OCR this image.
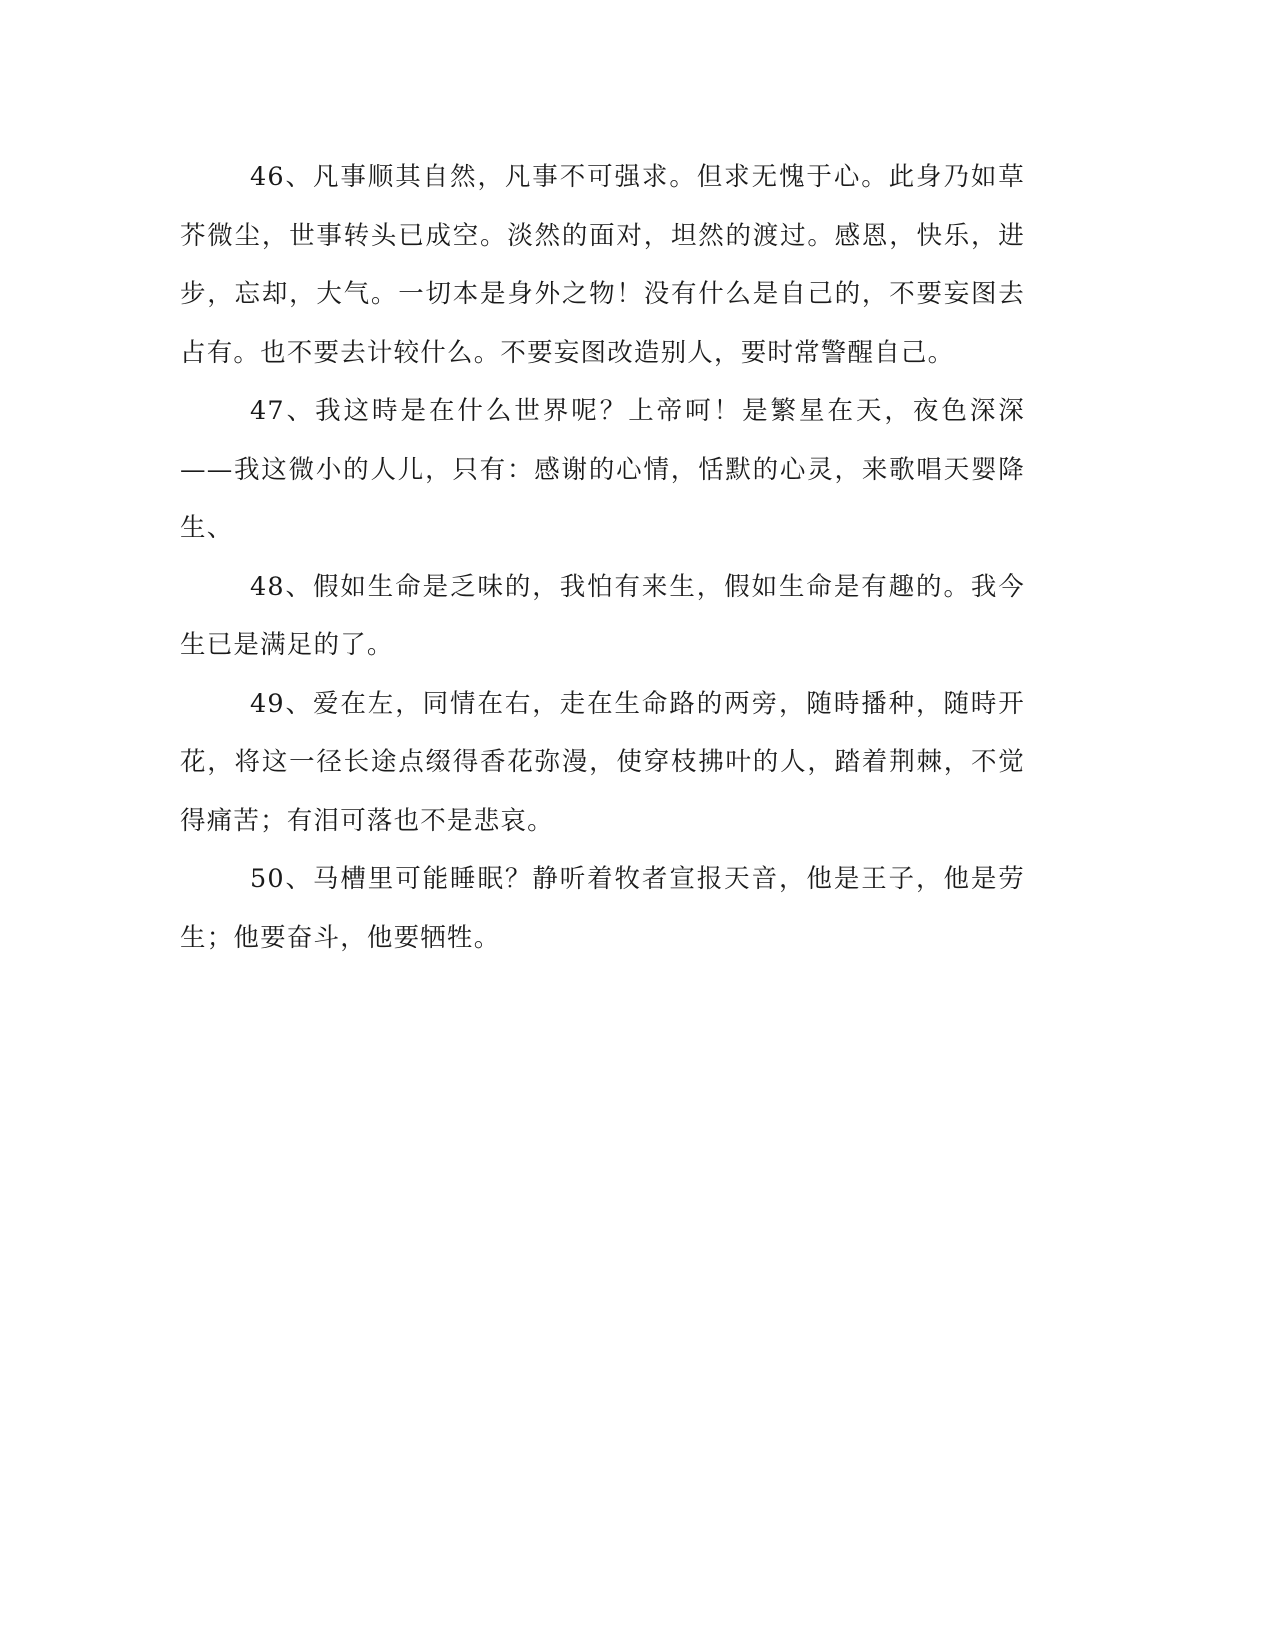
46、凡事顺其自然，凡事不可强求。但求无愧于心。此身乃如草芥微尘，世事转头已成空。淡然的面对，坦然的渡过。感恩，快乐，进步，忘却，大气。一切本是身外之物！没有什么是自己的，不要妄图去占有。也不要去计较什么。不要妄图改造别人，要时常警醒自己。

47、我这時是在什么世界呢？上帝呵！是繁星在天，夜色深深——我这微小的人儿，只有：感谢的心情，恬默的心灵，来歌唱天婴降生、

48、假如生命是乏味的，我怕有来生，假如生命是有趣的。我今生已是满足的了。

49、爱在左，同情在右，走在生命路的两旁，随時播种，随時开花，将这一径长途点缀得香花弥漫，使穿枝拂叶的人，踏着荆棘，不觉得痛苦；有泪可落也不是悲哀。

50、马槽里可能睡眠？静听着牧者宣报天音，他是王子，他是劳生；他要奋斗，他要牺牲。
